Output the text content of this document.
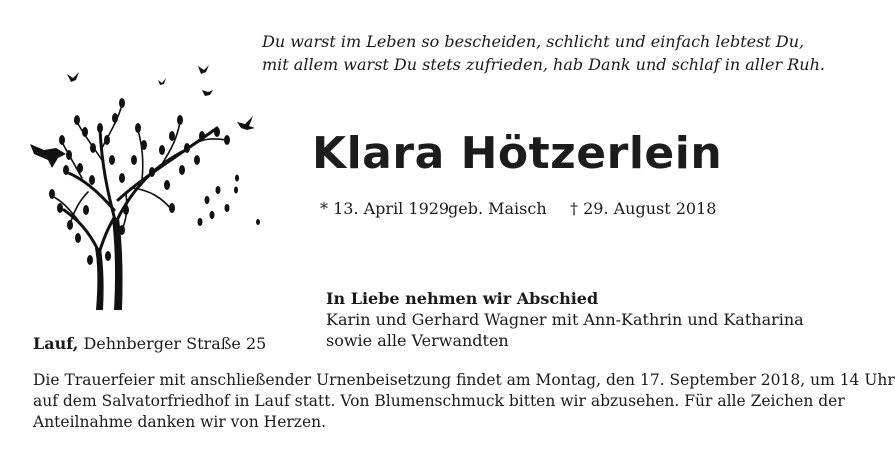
Du warst im Leben so bescheiden, schlicht und einfach lebtest Du,
mit allem warst Du stets zufrieden, hab Dank und schlaf in aller Ruh.
Klara Hötzerlein
* 13. April 1929geb. Maisch † 29. August 2018
In Liebe nehmen wir Abschied
Karin und Gerhard Wagner mit Ann-Kathrin und Katharina
sowie alle Verwandten
Lauf, Dehnberger Straße 25
Die Trauerfeier mit anschließender Urnenbeisetzung findet am Montag, den 17. September 2018, um 14 Uhr
auf dem Salvatorfriedhof in Lauf statt. Von Blumenschmuck bitten wir abzusehen. Für alle Zeichen der
Anteilnahme danken wir von Herzen.
